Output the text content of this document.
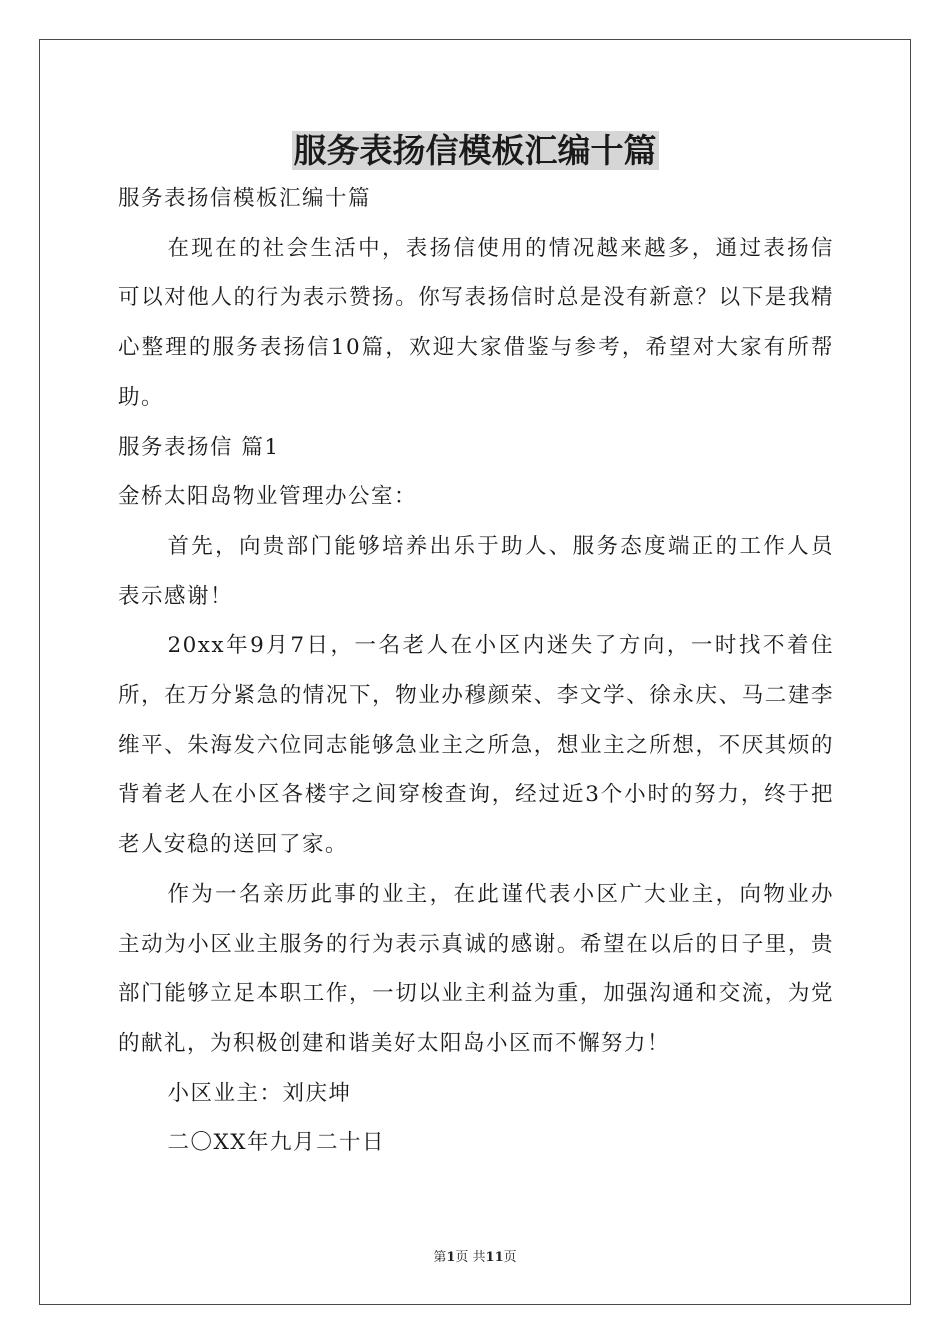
服务表扬信模板汇编十篇

服务表扬信模板汇编十篇

在现在的社会生活中，表扬信使用的情况越来越多，通过表扬信可以对他人的行为表示赞扬。你写表扬信时总是没有新意？以下是我精心整理的服务表扬信10篇，欢迎大家借鉴与参考，希望对大家有所帮助。

服务表扬信 篇1

金桥太阳岛物业管理办公室：

首先，向贵部门能够培养出乐于助人、服务态度端正的工作人员表示感谢！

20xx年9月7日，一名老人在小区内迷失了方向，一时找不着住所，在万分紧急的情况下，物业办穆颜荣、李文学、徐永庆、马二建李维平、朱海发六位同志能够急业主之所急，想业主之所想，不厌其烦的背着老人在小区各楼宇之间穿梭查询，经过近3个小时的努力，终于把老人安稳的送回了家。

作为一名亲历此事的业主，在此谨代表小区广大业主，向物业办主动为小区业主服务的行为表示真诚的感谢。希望在以后的日子里，贵部门能够立足本职工作，一切以业主利益为重，加强沟通和交流，为党的献礼，为积极创建和谐美好太阳岛小区而不懈努力！

小区业主：刘庆坤

二〇XX年九月二十日

第1页 共11页
